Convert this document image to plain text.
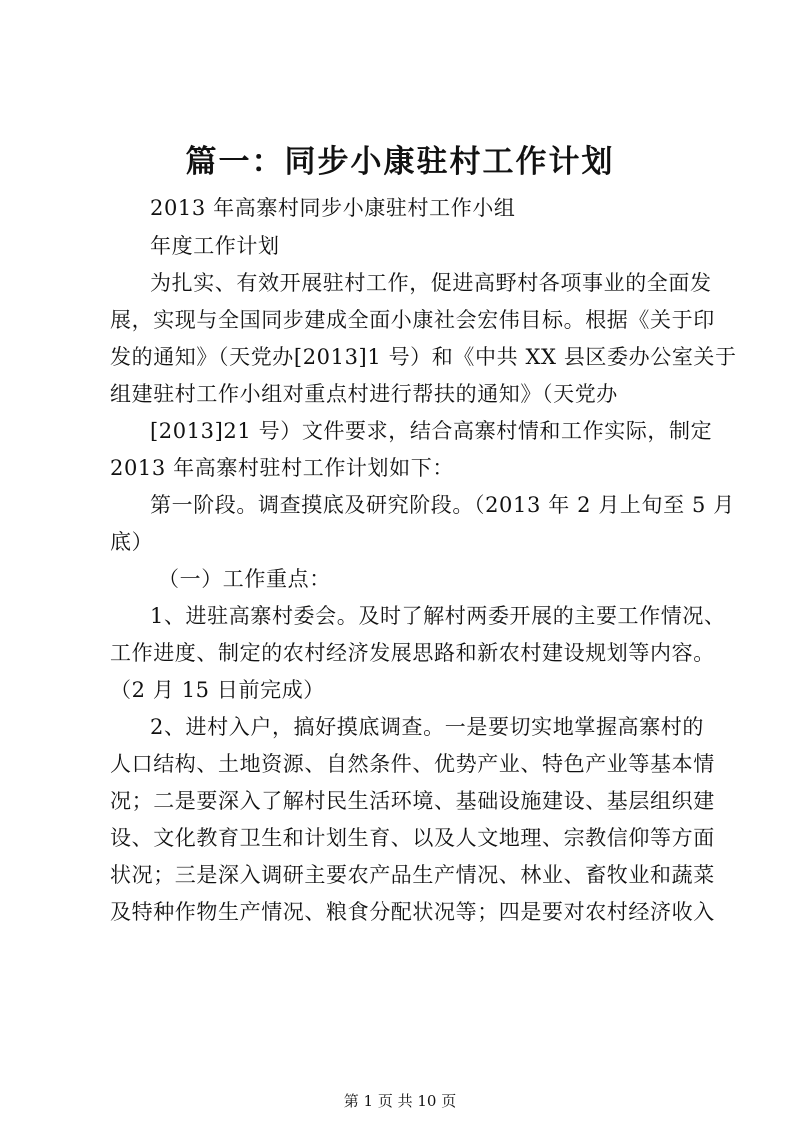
篇一：同步小康驻村工作计划
2013 年高寨村同步小康驻村工作小组
年度工作计划
为扎实、有效开展驻村工作，促进高野村各项事业的全面发
展，实现与全国同步建成全面小康社会宏伟目标。根据《关于印
发的通知》（天党办[2013]1 号）和《中共 XX 县区委办公室关于
组建驻村工作小组对重点村进行帮扶的通知》（天党办
[2013]21 号）文件要求，结合高寨村情和工作实际，制定
2013 年高寨村驻村工作计划如下：
第一阶段。调查摸底及研究阶段。（2013 年 2 月上旬至 5 月
底）
（一）工作重点：
1、进驻高寨村委会。及时了解村两委开展的主要工作情况、
工作进度、制定的农村经济发展思路和新农村建设规划等内容。
（2 月 15 日前完成）
2、进村入户，搞好摸底调查。一是要切实地掌握高寨村的
人口结构、土地资源、自然条件、优势产业、特色产业等基本情
况；二是要深入了解村民生活环境、基础设施建设、基层组织建
设、文化教育卫生和计划生育、以及人文地理、宗教信仰等方面
状况；三是深入调研主要农产品生产情况、林业、畜牧业和蔬菜
及特种作物生产情况、粮食分配状况等；四是要对农村经济收入
第 1 页 共 10 页
